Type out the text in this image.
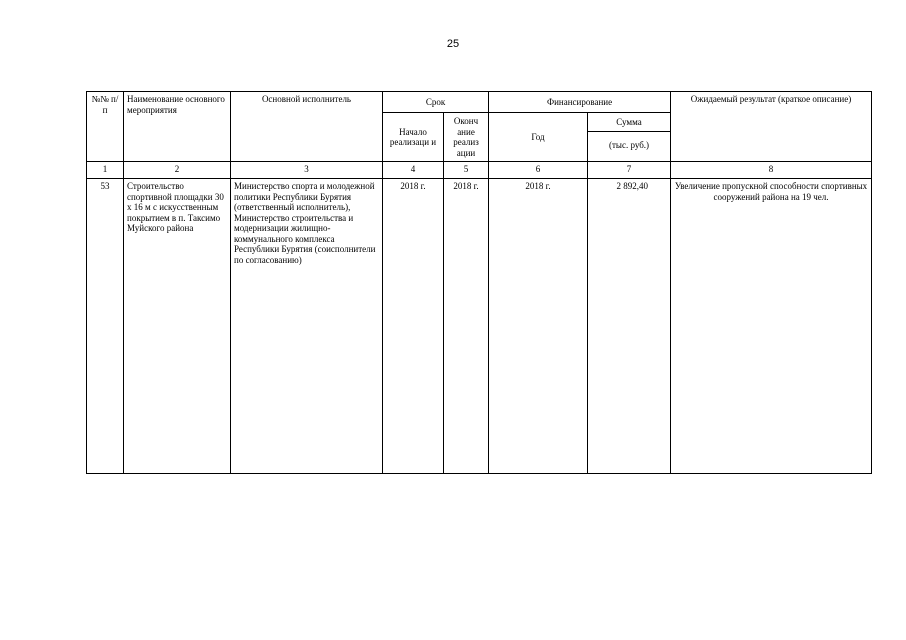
25
№№ п/п	Наименование основного мероприятия	Основной исполнитель	Срок		Финансирование		Ожидаемый результат (краткое описание)
			Начало реализаци и	Оконч ание реализ ации	Год	Сумма
(тыс. руб.)	

1	2	3	4	5	6	7	8
53	Строительство спортивной площадки 30 х 16 м с искусственным покрытием в п. Таксимо Муйского района	Министерство спорта и молодежной политики Республики Бурятия (ответственный исполнитель), Министерство строительства и модернизации жилищно-коммунального комплекса Республики Бурятия (соисполнители по согласованию)	2018 г.	2018 г.	2018 г.	2 892,40	Увеличение пропускной способности спортивных сооружений района на 19 чел.
